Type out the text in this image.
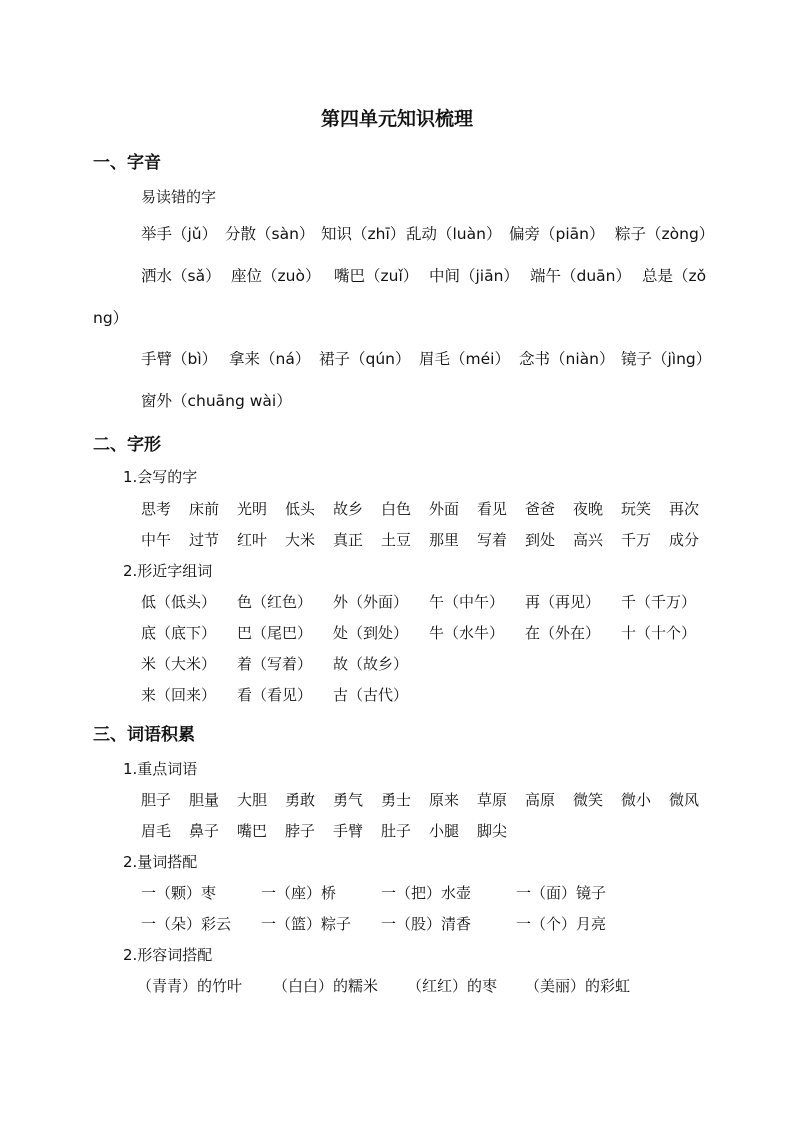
第四单元知识梳理
一、字音
易读错的字
举手（jǔ） 分散（sàn） 知识（zhī） 乱动（luàn） 偏旁（piān） 粽子（zòng）
洒水（sǎ） 座位（zuò） 嘴巴（zuǐ） 中间（jiān） 端午（duān） 总是（zǒ
ng）
手臂（bì） 拿来（ná） 裙子（qún） 眉毛（méi） 念书（niàn） 镜子（jìng）
窗外（chuāng wài）
二、字形
1.会写的字
思考 床前 光明 低头 故乡 白色 外面 看见 爸爸 夜晚 玩笑 再次
中午 过节 红叶 大米 真正 土豆 那里 写着 到处 高兴 千万 成分
2.形近字组词
低（低头） 色（红色） 外（外面） 午（中午） 再（再见） 千（千万）
底（底下） 巴（尾巴） 处（到处） 牛（水牛） 在（外在） 十（十个）
米（大米） 着（写着） 故（故乡）
来（回来） 看（看见） 古（古代）
三、词语积累
1.重点词语
胆子 胆量 大胆 勇敢 勇气 勇士 原来 草原 高原 微笑 微小 微风
眉毛 鼻子 嘴巴 脖子 手臂 肚子 小腿 脚尖
2.量词搭配
一（颗）枣	一（座）桥	一（把）水壶	一（面）镜子
一（朵）彩云 一（篮）粽子 一（股）清香	一（个）月亮
2.形容词搭配
（青青）的竹叶 （白白）的糯米 （红红）的枣 （美丽）的彩虹
